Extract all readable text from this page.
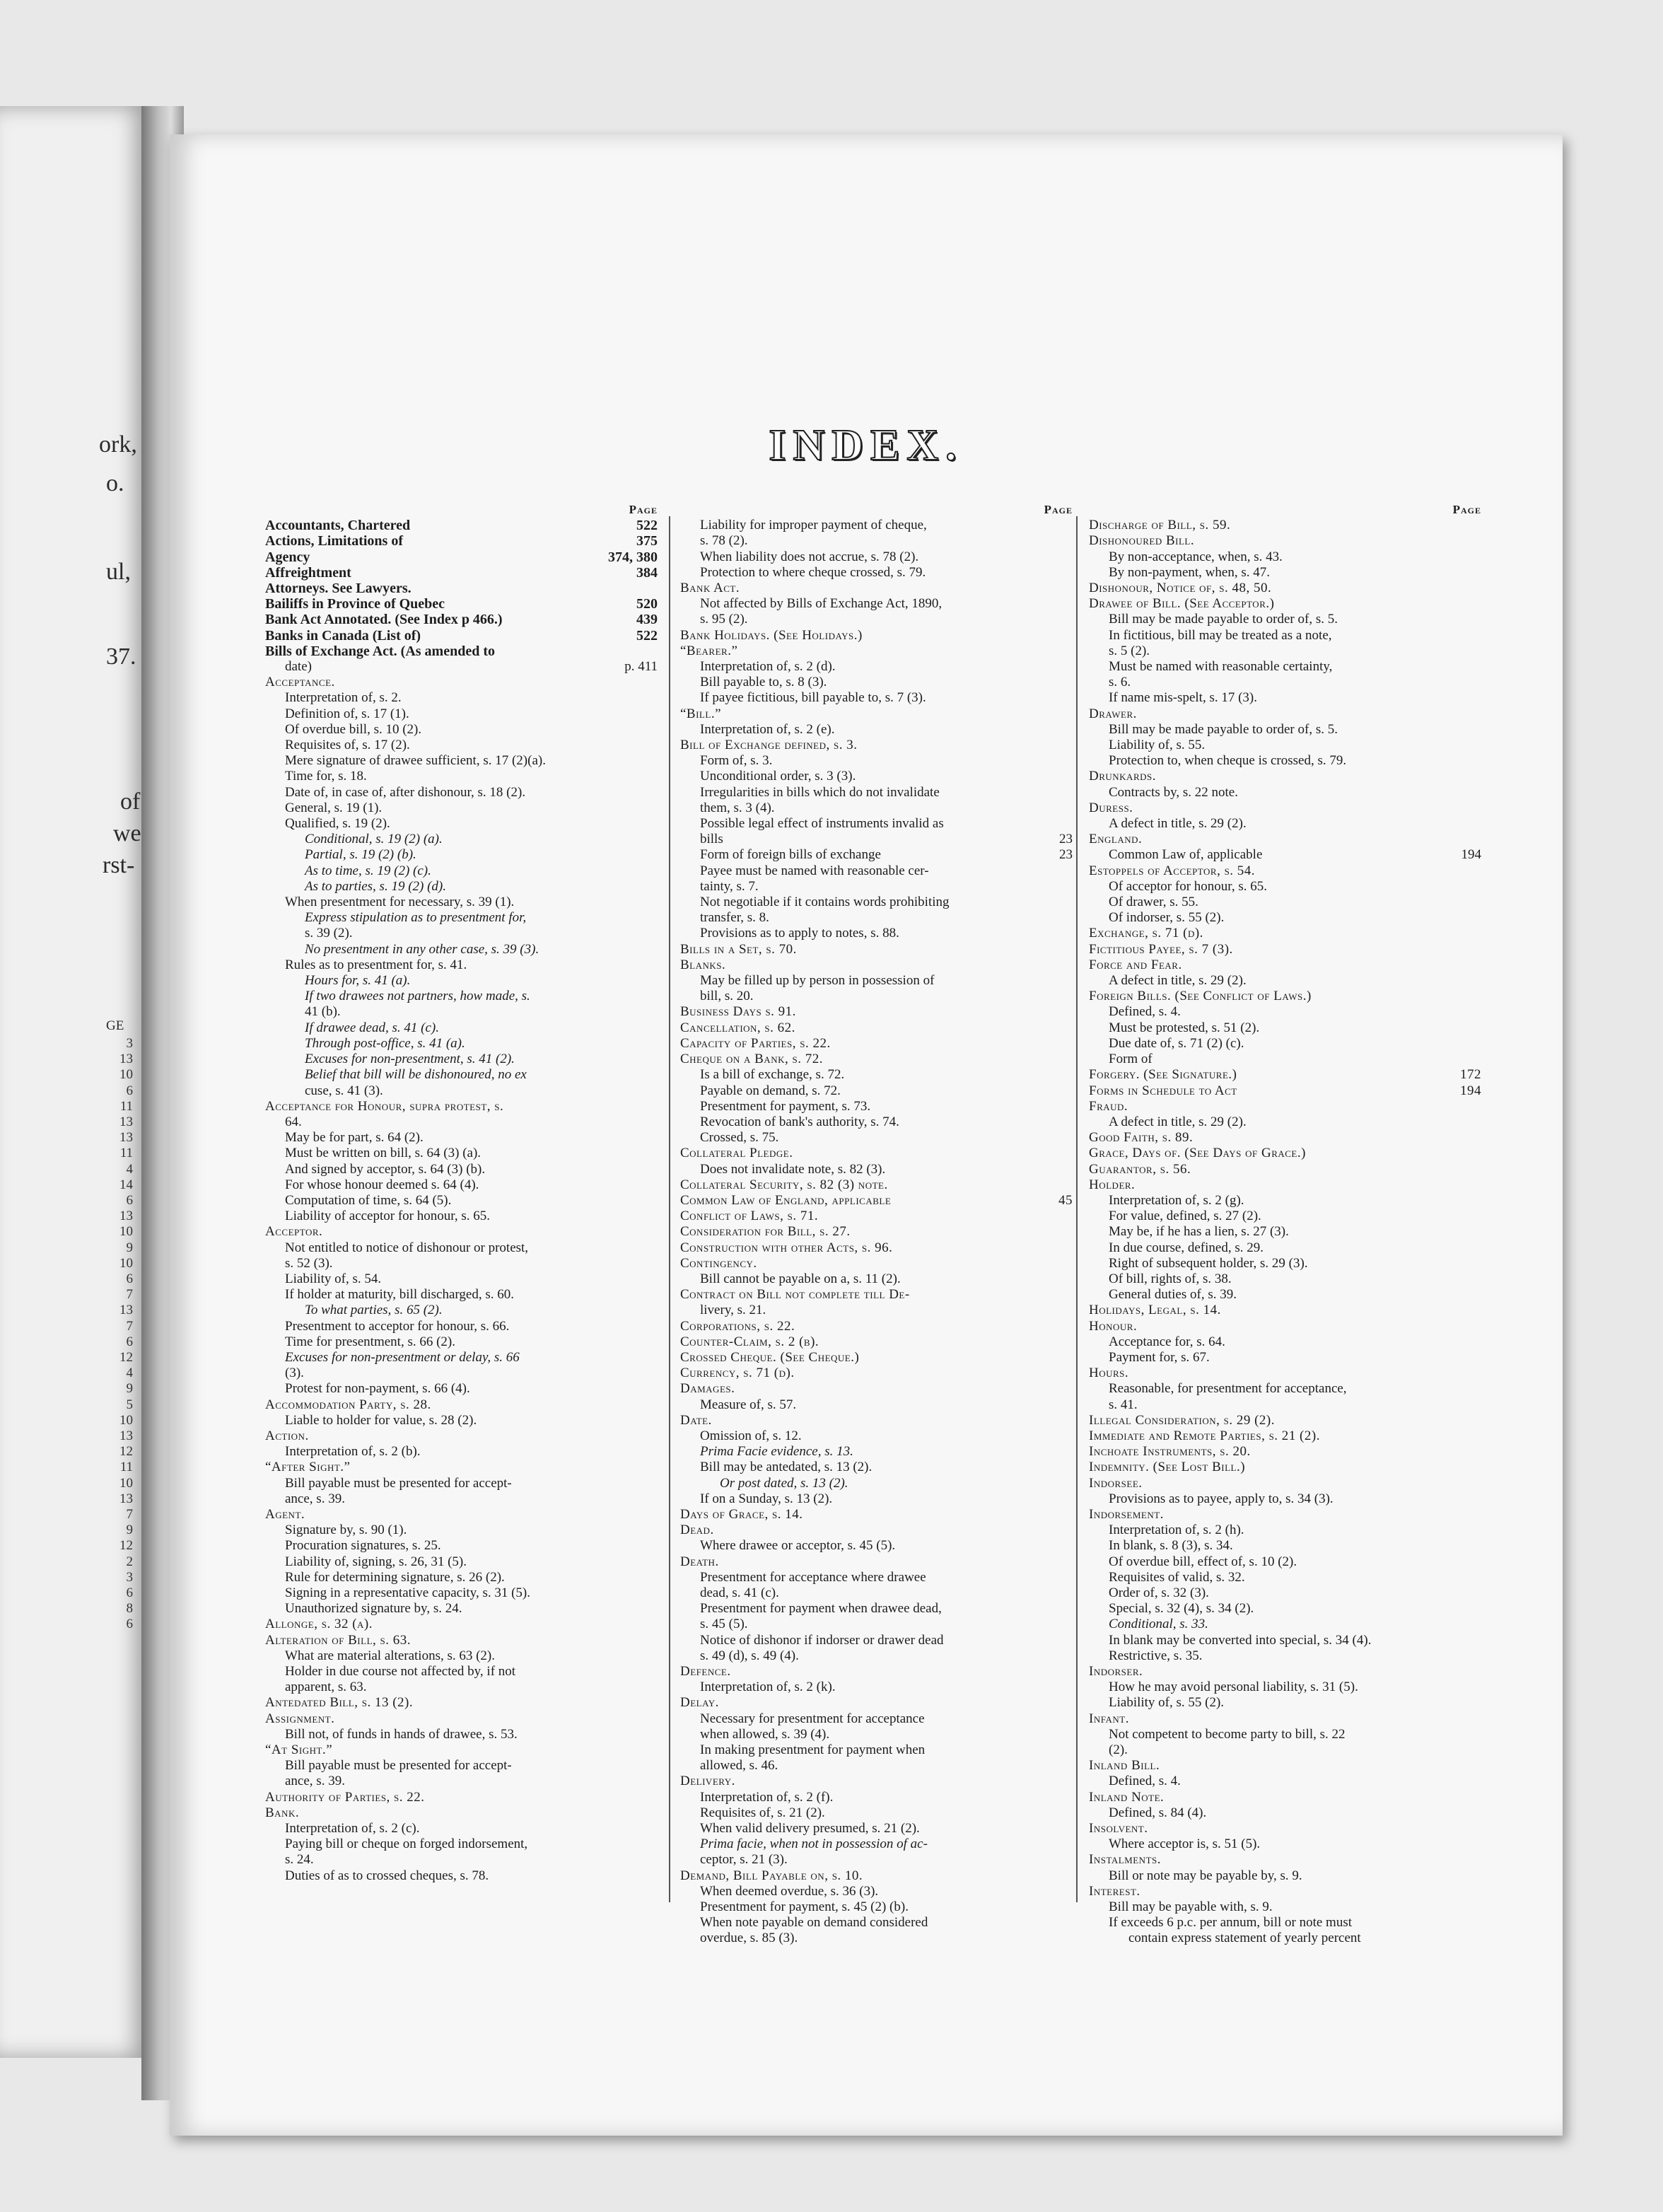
ork,
o.
ul,
37.
of
we
rst-
GE
3
13
10
6
11
13
13
11
4
14
6
13
10
9
10
6
7
13
7
6
12
4
9
5
10
13
12
11
10
13
7
9
12
2
3
6
8
6
INDEX.
Page
Accountants, Chartered	522
Actions, Limitations of	375
Agency	374, 380
Affreightment	384
Attorneys. See Lawyers.
Bailiffs in Province of Quebec	520
Bank Act Annotated. (See Index p 466.)	439
Banks in Canada (List of)	522
Bills of Exchange Act. (As amended to
date)	p. 411
Acceptance.
Interpretation of, s. 2.
Definition of, s. 17 (1).
Of overdue bill, s. 10 (2).
Requisites of, s. 17 (2).
Mere signature of drawee sufficient, s. 17 (2)(a).
Time for, s. 18.
Date of, in case of, after dishonour, s. 18 (2).
General, s. 19 (1).
Qualified, s. 19 (2).
Conditional, s. 19 (2) (a).
Partial, s. 19 (2) (b).
As to time, s. 19 (2) (c).
As to parties, s. 19 (2) (d).
When presentment for necessary, s. 39 (1).
Express stipulation as to presentment for,
s. 39 (2).
No presentment in any other case, s. 39 (3).
Rules as to presentment for, s. 41.
Hours for, s. 41 (a).
If two drawees not partners, how made, s.
41 (b).
If drawee dead, s. 41 (c).
Through post-office, s. 41 (a).
Excuses for non-presentment, s. 41 (2).
Belief that bill will be dishonoured, no ex
cuse, s. 41 (3).
Acceptance for Honour, supra protest, s.
64.
May be for part, s. 64 (2).
Must be written on bill, s. 64 (3) (a).
And signed by acceptor, s. 64 (3) (b).
For whose honour deemed s. 64 (4).
Computation of time, s. 64 (5).
Liability of acceptor for honour, s. 65.
Acceptor.
Not entitled to notice of dishonour or protest,
s. 52 (3).
Liability of, s. 54.
If holder at maturity, bill discharged, s. 60.
To what parties, s. 65 (2).
Presentment to acceptor for honour, s. 66.
Time for presentment, s. 66 (2).
Excuses for non-presentment or delay, s. 66
(3).
Protest for non-payment, s. 66 (4).
Accommodation Party, s. 28.
Liable to holder for value, s. 28 (2).
Action.
Interpretation of, s. 2 (b).
“After Sight.”
Bill payable must be presented for accept-
ance, s. 39.
Agent.
Signature by, s. 90 (1).
Procuration signatures, s. 25.
Liability of, signing, s. 26, 31 (5).
Rule for determining signature, s. 26 (2).
Signing in a representative capacity, s. 31 (5).
Unauthorized signature by, s. 24.
Allonge, s. 32 (a).
Alteration of Bill, s. 63.
What are material alterations, s. 63 (2).
Holder in due course not affected by, if not
apparent, s. 63.
Antedated Bill, s. 13 (2).
Assignment.
Bill not, of funds in hands of drawee, s. 53.
“At Sight.”
Bill payable must be presented for accept-
ance, s. 39.
Authority of Parties, s. 22.
Bank.
Interpretation of, s. 2 (c).
Paying bill or cheque on forged indorsement,
s. 24.
Duties of as to crossed cheques, s. 78.
Page
Liability for improper payment of cheque,
s. 78 (2).
When liability does not accrue, s. 78 (2).
Protection to where cheque crossed, s. 79.
Bank Act.
Not affected by Bills of Exchange Act, 1890,
s. 95 (2).
Bank Holidays. (See Holidays.)
“Bearer.”
Interpretation of, s. 2 (d).
Bill payable to, s. 8 (3).
If payee fictitious, bill payable to, s. 7 (3).
“Bill.”
Interpretation of, s. 2 (e).
Bill of Exchange defined, s. 3.
Form of, s. 3.
Unconditional order, s. 3 (3).
Irregularities in bills which do not invalidate
them, s. 3 (4).
Possible legal effect of instruments invalid as
bills	23
Form of foreign bills of exchange	23
Payee must be named with reasonable cer-
tainty, s. 7.
Not negotiable if it contains words prohibiting
transfer, s. 8.
Provisions as to apply to notes, s. 88.
Bills in a Set, s. 70.
Blanks.
May be filled up by person in possession of
bill, s. 20.
Business Days s. 91.
Cancellation, s. 62.
Capacity of Parties, s. 22.
Cheque on a Bank, s. 72.
Is a bill of exchange, s. 72.
Payable on demand, s. 72.
Presentment for payment, s. 73.
Revocation of bank's authority, s. 74.
Crossed, s. 75.
Collateral Pledge.
Does not invalidate note, s. 82 (3).
Collateral Security, s. 82 (3) note.
Common Law of England, applicable	45
Conflict of Laws, s. 71.
Consideration for Bill, s. 27.
Construction with other Acts, s. 96.
Contingency.
Bill cannot be payable on a, s. 11 (2).
Contract on Bill not complete till De-
livery, s. 21.
Corporations, s. 22.
Counter-Claim, s. 2 (b).
Crossed Cheque. (See Cheque.)
Currency, s. 71 (d).
Damages.
Measure of, s. 57.
Date.
Omission of, s. 12.
Prima Facie evidence, s. 13.
Bill may be antedated, s. 13 (2).
Or post dated, s. 13 (2).
If on a Sunday, s. 13 (2).
Days of Grace, s. 14.
Dead.
Where drawee or acceptor, s. 45 (5).
Death.
Presentment for acceptance where drawee
dead, s. 41 (c).
Presentment for payment when drawee dead,
s. 45 (5).
Notice of dishonor if indorser or drawer dead
s. 49 (d), s. 49 (4).
Defence.
Interpretation of, s. 2 (k).
Delay.
Necessary for presentment for acceptance
when allowed, s. 39 (4).
In making presentment for payment when
allowed, s. 46.
Delivery.
Interpretation of, s. 2 (f).
Requisites of, s. 21 (2).
When valid delivery presumed, s. 21 (2).
Prima facie, when not in possession of ac-
ceptor, s. 21 (3).
Demand, Bill Payable on, s. 10.
When deemed overdue, s. 36 (3).
Presentment for payment, s. 45 (2) (b).
When note payable on demand considered
overdue, s. 85 (3).
Page
Discharge of Bill, s. 59.
Dishonoured Bill.
By non-acceptance, when, s. 43.
By non-payment, when, s. 47.
Dishonour, Notice of, s. 48, 50.
Drawee of Bill. (See Acceptor.)
Bill may be made payable to order of, s. 5.
In fictitious, bill may be treated as a note,
s. 5 (2).
Must be named with reasonable certainty,
s. 6.
If name mis-spelt, s. 17 (3).
Drawer.
Bill may be made payable to order of, s. 5.
Liability of, s. 55.
Protection to, when cheque is crossed, s. 79.
Drunkards.
Contracts by, s. 22 note.
Duress.
A defect in title, s. 29 (2).
England.
Common Law of, applicable	194
Estoppels of Acceptor, s. 54.
Of acceptor for honour, s. 65.
Of drawer, s. 55.
Of indorser, s. 55 (2).
Exchange, s. 71 (d).
Fictitious Payee, s. 7 (3).
Force and Fear.
A defect in title, s. 29 (2).
Foreign Bills. (See Conflict of Laws.)
Defined, s. 4.
Must be protested, s. 51 (2).
Due date of, s. 71 (2) (c).
Form of
Forgery. (See Signature.)	172
Forms in Schedule to Act	194
Fraud.
A defect in title, s. 29 (2).
Good Faith, s. 89.
Grace, Days of. (See Days of Grace.)
Guarantor, s. 56.
Holder.
Interpretation of, s. 2 (g).
For value, defined, s. 27 (2).
May be, if he has a lien, s. 27 (3).
In due course, defined, s. 29.
Right of subsequent holder, s. 29 (3).
Of bill, rights of, s. 38.
General duties of, s. 39.
Holidays, Legal, s. 14.
Honour.
Acceptance for, s. 64.
Payment for, s. 67.
Hours.
Reasonable, for presentment for acceptance,
s. 41.
Illegal Consideration, s. 29 (2).
Immediate and Remote Parties, s. 21 (2).
Inchoate Instruments, s. 20.
Indemnity. (See Lost Bill.)
Indorsee.
Provisions as to payee, apply to, s. 34 (3).
Indorsement.
Interpretation of, s. 2 (h).
In blank, s. 8 (3), s. 34.
Of overdue bill, effect of, s. 10 (2).
Requisites of valid, s. 32.
Order of, s. 32 (3).
Special, s. 32 (4), s. 34 (2).
Conditional, s. 33.
In blank may be converted into special, s. 34 (4).
Restrictive, s. 35.
Indorser.
How he may avoid personal liability, s. 31 (5).
Liability of, s. 55 (2).
Infant.
Not competent to become party to bill, s. 22
(2).
Inland Bill.
Defined, s. 4.
Inland Note.
Defined, s. 84 (4).
Insolvent.
Where acceptor is, s. 51 (5).
Instalments.
Bill or note may be payable by, s. 9.
Interest.
Bill may be payable with, s. 9.
If exceeds 6 p.c. per annum, bill or note must
contain express statement of yearly percent
